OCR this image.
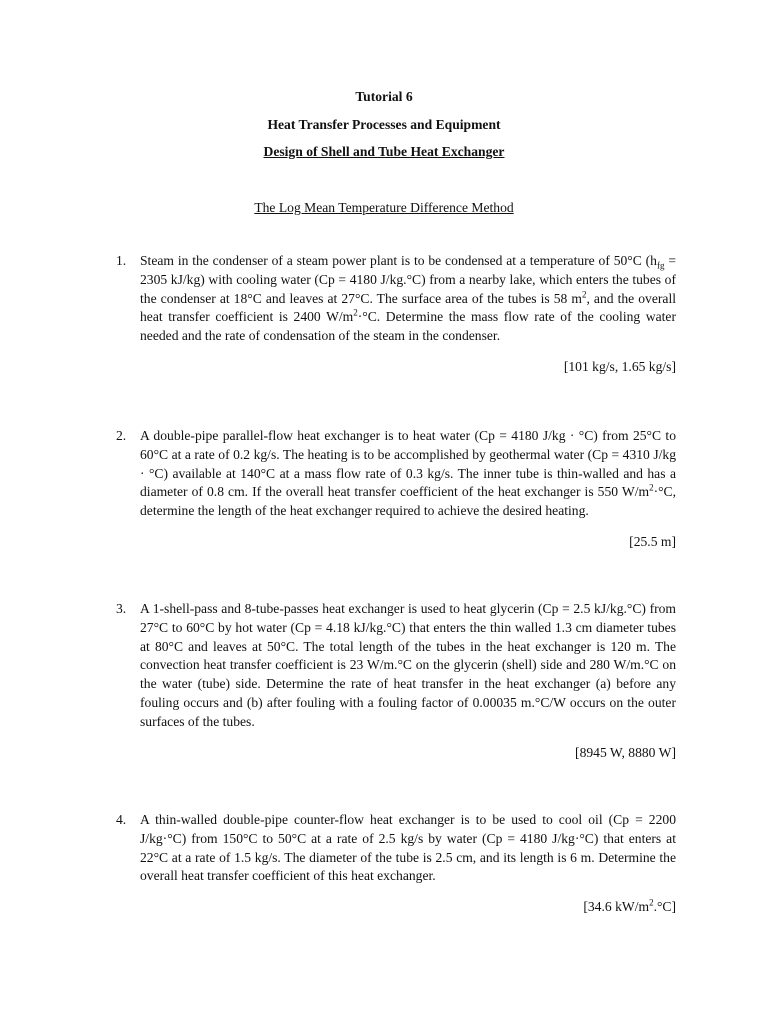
Tutorial 6
Heat Transfer Processes and Equipment
Design of Shell and Tube Heat Exchanger
The Log Mean Temperature Difference Method
1. Steam in the condenser of a steam power plant is to be condensed at a temperature of 50°C ($h_{fg} = 2305$ kJ/kg) with cooling water (Cp = 4180 J/kg.°C) from a nearby lake, which enters the tubes of the condenser at 18°C and leaves at 27°C. The surface area of the tubes is 58 $m^2$, and the overall heat transfer coefficient is 2400 $W/m^2\cdot^\circ C$. Determine the mass flow rate of the cooling water needed and the rate of condensation of the steam in the condenser.
[101 kg/s, 1.65 kg/s]
2. A double-pipe parallel-flow heat exchanger is to heat water (Cp = 4180 J/kg · °C) from 25°C to 60°C at a rate of 0.2 kg/s. The heating is to be accomplished by geothermal water (Cp = 4310 J/kg · °C) available at 140°C at a mass flow rate of 0.3 kg/s. The inner tube is thin-walled and has a diameter of 0.8 cm. If the overall heat transfer coefficient of the heat exchanger is 550 $W/m^2\cdot^\circ C$, determine the length of the heat exchanger required to achieve the desired heating.
[25.5 m]
3. A 1-shell-pass and 8-tube-passes heat exchanger is used to heat glycerin (Cp = 2.5 kJ/kg.°C) from 27°C to 60°C by hot water (Cp = 4.18 kJ/kg.°C) that enters the thin walled 1.3 cm diameter tubes at 80°C and leaves at 50°C. The total length of the tubes in the heat exchanger is 120 m. The convection heat transfer coefficient is 23 W/m.°C on the glycerin (shell) side and 280 W/m.°C on the water (tube) side. Determine the rate of heat transfer in the heat exchanger (a) before any fouling occurs and (b) after fouling with a fouling factor of 0.00035 m.°C/W occurs on the outer surfaces of the tubes.
[8945 W, 8880 W]
4. A thin-walled double-pipe counter-flow heat exchanger is to be used to cool oil (Cp = 2200 J/kg·°C) from 150°C to 50°C at a rate of 2.5 kg/s by water (Cp = 4180 J/kg·°C) that enters at 22°C at a rate of 1.5 kg/s. The diameter of the tube is 2.5 cm, and its length is 6 m. Determine the overall heat transfer coefficient of this heat exchanger.
[34.6 $kW/m^2.^\circ C$]
